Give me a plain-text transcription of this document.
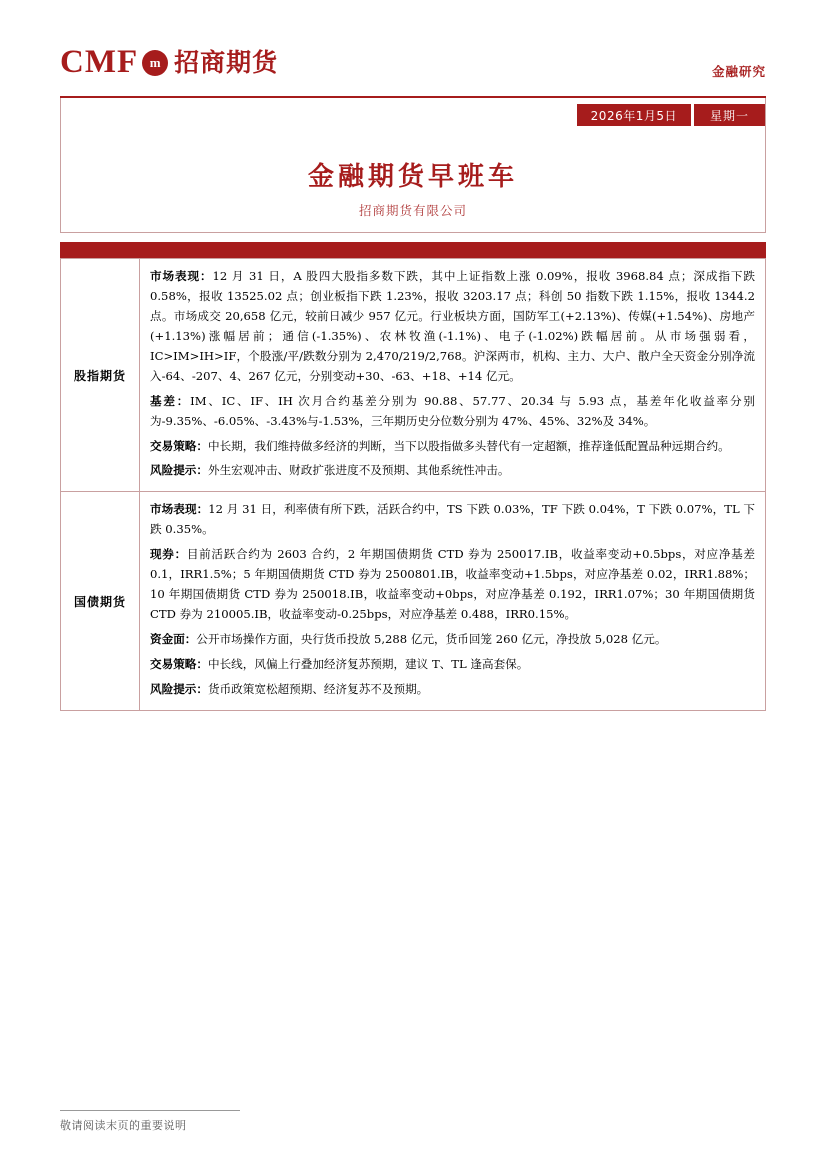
CMF m 招商期货	金融研究
2026年1月5日	星期一
金融期货早班车
招商期货有限公司
股指期货	市场表现：12 月 31 日，A 股四大股指多数下跌，其中上证指数上涨 0.09%，报收 3968.84 点；深成指下跌 0.58%，报收 13525.02 点；创业板指下跌 1.23%，报收 3203.17 点；科创 50 指数下跌 1.15%，报收 1344.2 点。市场成交 20,658 亿元，较前日减少 957 亿元。行业板块方面，国防军工(+2.13%)、传媒(+1.54%)、房地产(+1.13%)涨幅居前；通信(-1.35%)、农林牧渔(-1.1%)、电子(-1.02%)跌幅居前。从市场强弱看，IC>IM>IH>IF，个股涨/平/跌数分别为 2,470/219/2,768。沪深两市，机构、主力、大户、散户全天资金分别净流入-64、-207、4、267 亿元，分别变动+30、-63、+18、+14 亿元。

基差：IM、IC、IF、IH 次月合约基差分别为 90.88、57.77、20.34 与 5.93 点，基差年化收益率分别为-9.35%、-6.05%、-3.43%与-1.53%，三年期历史分位数分别为 47%、45%、32%及 34%。

交易策略：中长期，我们维持做多经济的判断，当下以股指做多头替代有一定超额，推荐逢低配置品种远期合约。

风险提示：外生宏观冲击、财政扩张进度不及预期、其他系统性冲击。

国债期货	市场表现：12 月 31 日，利率债有所下跌，活跃合约中，TS 下跌 0.03%，TF 下跌 0.04%，T 下跌 0.07%，TL 下跌 0.35%。

现券：目前活跃合约为 2603 合约，2 年期国债期货 CTD 券为 250017.IB，收益率变动+0.5bps，对应净基差 0.1，IRR1.5%；5 年期国债期货 CTD 券为 2500801.IB，收益率变动+1.5bps，对应净基差 0.02，IRR1.88%；10 年期国债期货 CTD 券为 250018.IB，收益率变动+0bps，对应净基差 0.192，IRR1.07%；30 年期国债期货 CTD 券为 210005.IB，收益率变动-0.25bps，对应净基差 0.488，IRR0.15%。

资金面：公开市场操作方面，央行货币投放 5,288 亿元，货币回笼 260 亿元，净投放 5,028 亿元。

交易策略：中长线，风偏上行叠加经济复苏预期，建议 T、TL 逢高套保。

风险提示：货币政策宽松超预期、经济复苏不及预期。

敬请阅读末页的重要说明
